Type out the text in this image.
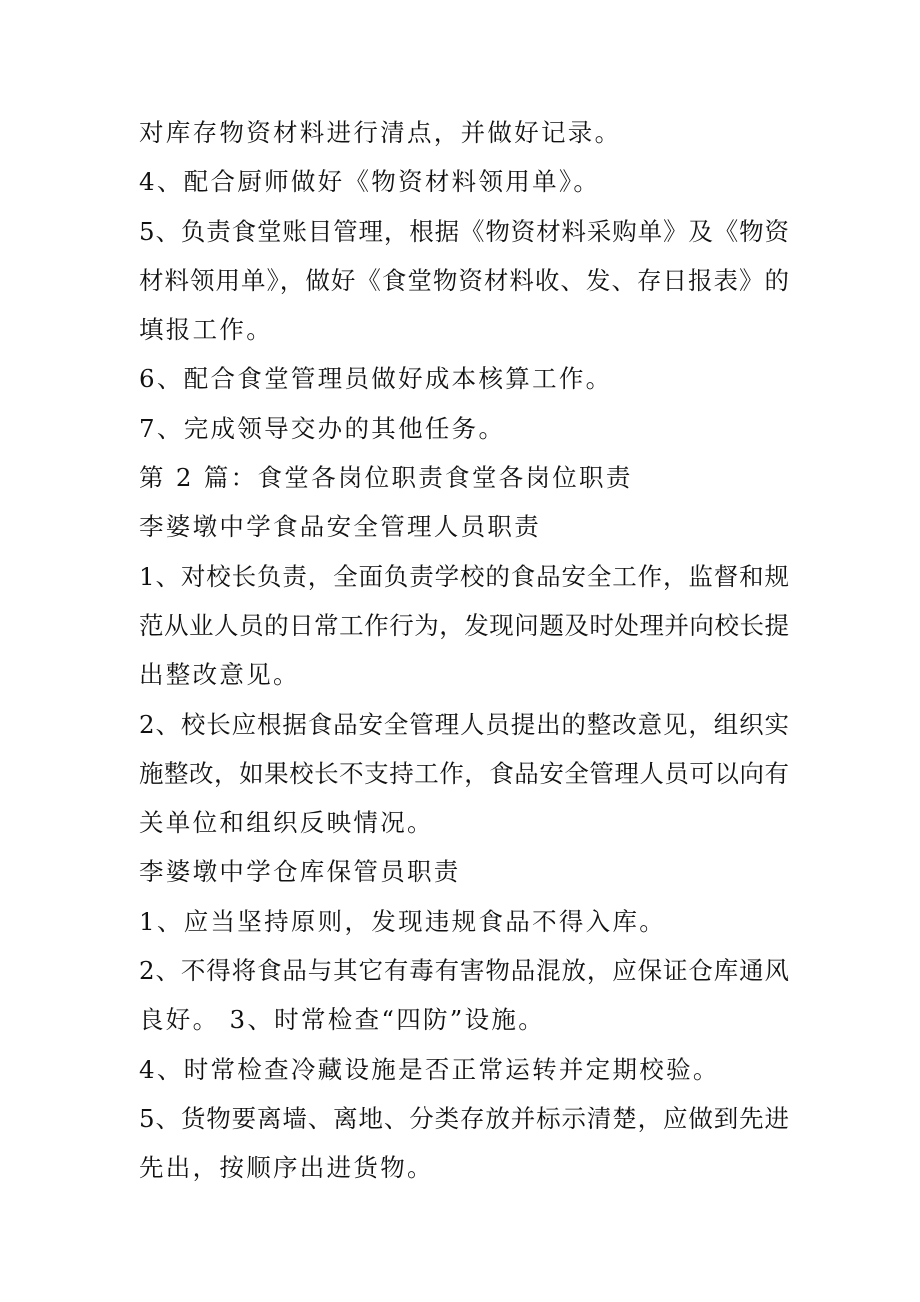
对库存物资材料进行清点，并做好记录。
4、配合厨师做好《物资材料领用单》。
5、负责食堂账目管理，根据《物资材料采购单》及《物资
材料领用单》，做好《食堂物资材料收、发、存日报表》的
填报工作。
6、配合食堂管理员做好成本核算工作。
7、完成领导交办的其他任务。
第 2 篇：食堂各岗位职责食堂各岗位职责
李婆墩中学食品安全管理人员职责
1、对校长负责，全面负责学校的食品安全工作，监督和规
范从业人员的日常工作行为，发现问题及时处理并向校长提
出整改意见。
2、校长应根据食品安全管理人员提出的整改意见，组织实
施整改，如果校长不支持工作，食品安全管理人员可以向有
关单位和组织反映情况。
李婆墩中学仓库保管员职责
1、应当坚持原则，发现违规食品不得入库。
2、不得将食品与其它有毒有害物品混放，应保证仓库通风
良好。 3、时常检查“四防”设施。
4、时常检查冷藏设施是否正常运转并定期校验。
5、货物要离墙、离地、分类存放并标示清楚，应做到先进
先出，按顺序出进货物。
